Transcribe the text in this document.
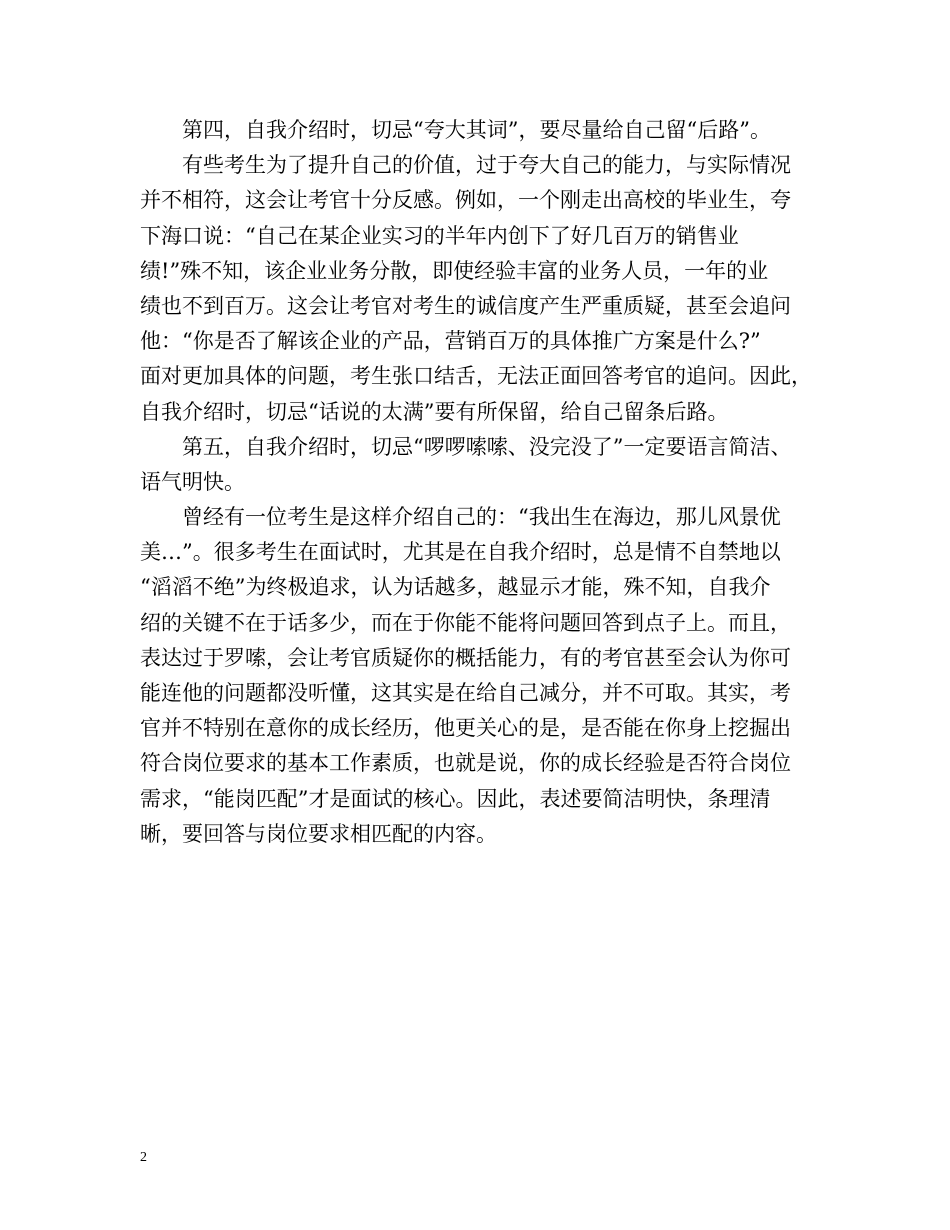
第四，自我介绍时，切忌“夸大其词”，要尽量给自己留“后路”。
有些考生为了提升自己的价值，过于夸大自己的能力，与实际情况
并不相符，这会让考官十分反感。例如，一个刚走出高校的毕业生，夸
下海口说：“自己在某企业实习的半年内创下了好几百万的销售业
绩!”殊不知，该企业业务分散，即使经验丰富的业务人员，一年的业
绩也不到百万。这会让考官对考生的诚信度产生严重质疑，甚至会追问
他：“你是否了解该企业的产品，营销百万的具体推广方案是什么?”
面对更加具体的问题，考生张口结舌，无法正面回答考官的追问。因此，
自我介绍时，切忌“话说的太满”要有所保留，给自己留条后路。
第五，自我介绍时，切忌“啰啰嗦嗦、没完没了”一定要语言简洁、
语气明快。
曾经有一位考生是这样介绍自己的：“我出生在海边，那儿风景优
美…”。很多考生在面试时，尤其是在自我介绍时，总是情不自禁地以
“滔滔不绝”为终极追求，认为话越多，越显示才能，殊不知，自我介
绍的关键不在于话多少，而在于你能不能将问题回答到点子上。而且，
表达过于罗嗦，会让考官质疑你的概括能力，有的考官甚至会认为你可
能连他的问题都没听懂，这其实是在给自己减分，并不可取。其实，考
官并不特别在意你的成长经历，他更关心的是，是否能在你身上挖掘出
符合岗位要求的基本工作素质，也就是说，你的成长经验是否符合岗位
需求，“能岗匹配”才是面试的核心。因此，表述要简洁明快，条理清
晰，要回答与岗位要求相匹配的内容。
2
